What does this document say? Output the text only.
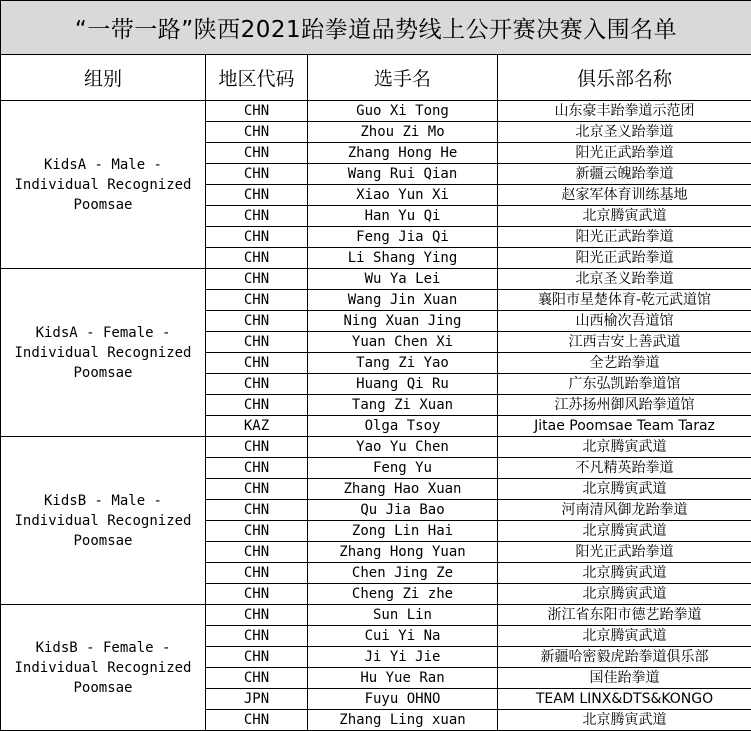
“一带一路”陕西2021跆拳道品势线上公开赛决赛入围名单			
组别	地区代码	选手名	俱乐部名称
KidsA - Male - Individual Recognized Poomsae	CHN	Guo Xi Tong	山东豪丰跆拳道示范团
	CHN	Zhou Zi Mo	北京圣义跆拳道
	CHN	Zhang Hong He	阳光正武跆拳道
	CHN	Wang Rui Qian	新疆云魄跆拳道
	CHN	Xiao Yun Xi	赵家军体育训练基地
	CHN	Han Yu Qi	北京腾寅武道
	CHN	Feng Jia Qi	阳光正武跆拳道
	CHN	Li Shang Ying	阳光正武跆拳道
KidsA - Female - Individual Recognized Poomsae	CHN	Wu Ya Lei	北京圣义跆拳道
	CHN	Wang Jin Xuan	襄阳市星楚体育-乾元武道馆
	CHN	Ning Xuan Jing	山西榆次吾道馆
	CHN	Yuan Chen Xi	江西吉安上善武道
	CHN	Tang Zi Yao	全艺跆拳道
	CHN	Huang Qi Ru	广东弘凯跆拳道馆
	CHN	Tang Zi Xuan	江苏扬州御风跆拳道馆
	KAZ	Olga Tsoy	Jitae Poomsae Team Taraz
KidsB - Male - Individual Recognized Poomsae	CHN	Yao Yu Chen	北京腾寅武道
	CHN	Feng Yu	不凡精英跆拳道
	CHN	Zhang Hao Xuan	北京腾寅武道
	CHN	Qu Jia Bao	河南清风御龙跆拳道
	CHN	Zong Lin Hai	北京腾寅武道
	CHN	Zhang Hong Yuan	阳光正武跆拳道
	CHN	Chen Jing Ze	北京腾寅武道
	CHN	Cheng Zi zhe	北京腾寅武道
KidsB - Female - Individual Recognized Poomsae	CHN	Sun Lin	浙江省东阳市德艺跆拳道
	CHN	Cui Yi Na	北京腾寅武道
	CHN	Ji Yi Jie	新疆哈密毅虎跆拳道俱乐部
	CHN	Hu Yue Ran	国佳跆拳道
	JPN	Fuyu OHNO	TEAM LINX&DTS&KONGO
	CHN	Zhang Ling xuan	北京腾寅武道
